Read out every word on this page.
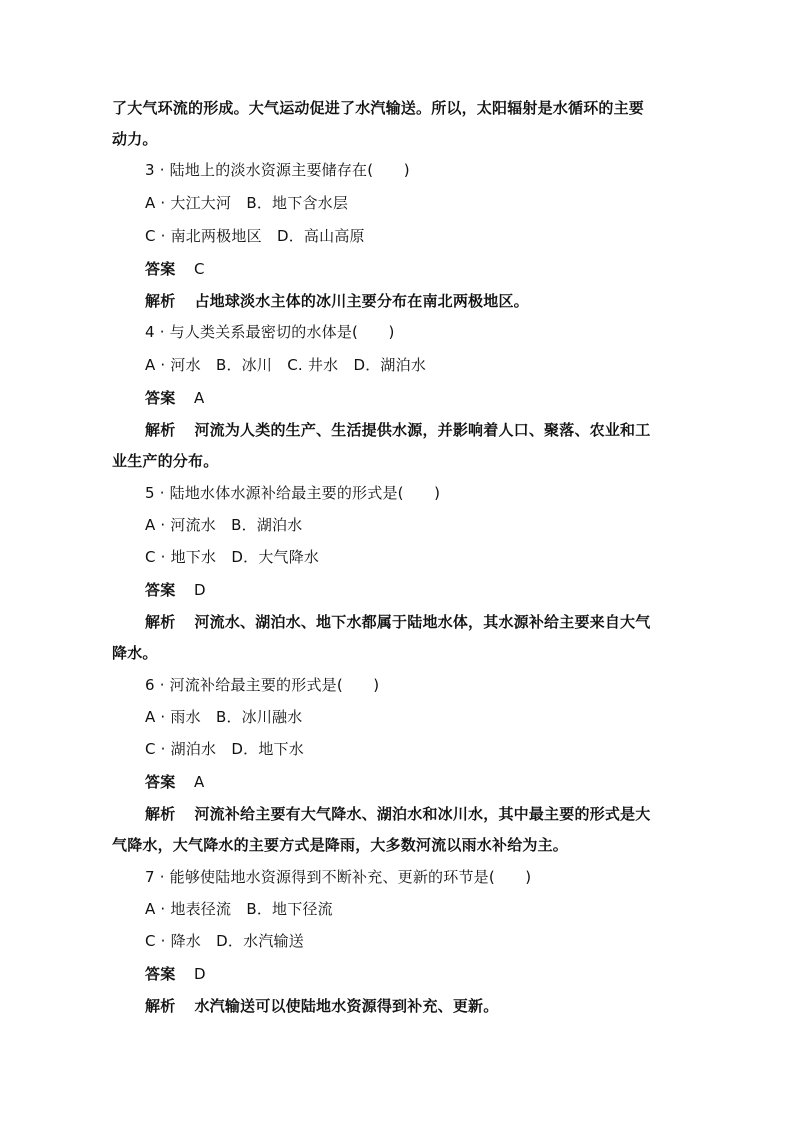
了大气环流的形成。大气运动促进了水汽输送。所以，太阳辐射是水循环的主要
动力。
3 · 陆地上的淡水资源主要储存在(　　)
A · 大江大河　B．地下含水层
C · 南北两极地区　D．高山高原
答案 C
解析 占地球淡水主体的冰川主要分布在南北两极地区。
4 · 与人类关系最密切的水体是(　　)
A · 河水　B．冰川　C. 井水　D．湖泊水
答案 A
解析 河流为人类的生产、生活提供水源，并影响着人口、聚落、农业和工
业生产的分布。
5 · 陆地水体水源补给最主要的形式是(　　)
A · 河流水　B．湖泊水
C · 地下水　D．大气降水
答案 D
解析 河流水、湖泊水、地下水都属于陆地水体，其水源补给主要来自大气
降水。
6 · 河流补给最主要的形式是(　　)
A · 雨水　B．冰川融水
C · 湖泊水　D．地下水
答案 A
解析 河流补给主要有大气降水、湖泊水和冰川水，其中最主要的形式是大
气降水，大气降水的主要方式是降雨，大多数河流以雨水补给为主。
7 · 能够使陆地水资源得到不断补充、更新的环节是(　　)
A · 地表径流　B．地下径流
C · 降水　D．水汽输送
答案 D
解析 水汽输送可以使陆地水资源得到补充、更新。
